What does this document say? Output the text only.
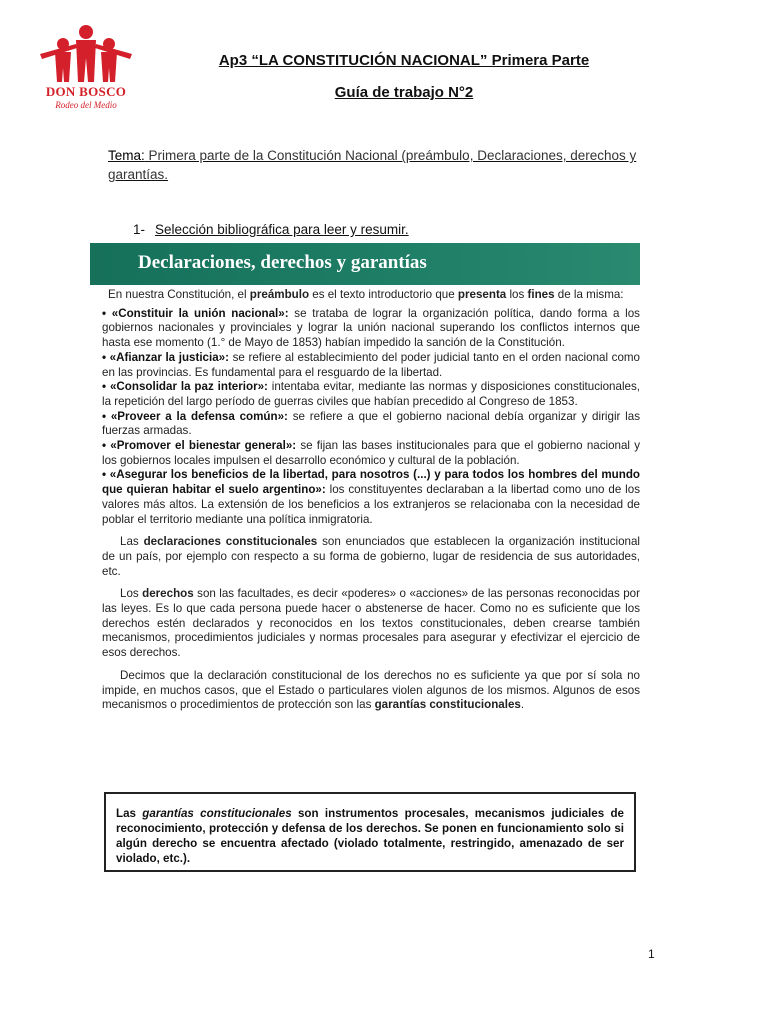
DON BOSCO
Rodeo del Medio
Ap3 “LA CONSTITUCIÓN NACIONAL” Primera Parte
Guía de trabajo N°2
Tema: Primera parte de la Constitución Nacional (preámbulo, Declaraciones, derechos y garantías.
1- Selección bibliográfica para leer y resumir.
Declaraciones, derechos y garantías

En nuestra Constitución, el preámbulo es el texto introductorio que presenta los fines de la misma:

• «Constituir la unión nacional»: se trataba de lograr la organización política, dando forma a los gobiernos nacionales y provinciales y lograr la unión nacional superando los conflictos internos que hasta ese momento (1.° de Mayo de 1853) habían impedido la sanción de la Constitución.

• «Afianzar la justicia»: se refiere al establecimiento del poder judicial tanto en el orden nacional como en las provincias. Es fundamental para el resguardo de la libertad.

• «Consolidar la paz interior»: intentaba evitar, mediante las normas y disposiciones constitucionales, la repetición del largo período de guerras civiles que habían precedido al Congreso de 1853.

• «Proveer a la defensa común»: se refiere a que el gobierno nacional debía organizar y dirigir las fuerzas armadas.

• «Promover el bienestar general»: se fijan las bases institucionales para que el gobierno nacional y los gobiernos locales impulsen el desarrollo económico y cultural de la población.

• «Asegurar los beneficios de la libertad, para nosotros (...) y para todos los hombres del mundo que quieran habitar el suelo argentino»: los constituyentes declaraban a la libertad como uno de los valores más altos. La extensión de los beneficios a los extranjeros se relacionaba con la necesidad de poblar el territorio mediante una política inmigratoria.

Las declaraciones constitucionales son enunciados que establecen la organización institucional de un país, por ejemplo con respecto a su forma de gobierno, lugar de residencia de sus autoridades, etc.

Los derechos son las facultades, es decir «poderes» o «acciones» de las personas reconocidas por las leyes. Es lo que cada persona puede hacer o abstenerse de hacer. Como no es suficiente que los derechos estén declarados y reconocidos en los textos constitucionales, deben crearse también mecanismos, procedimientos judiciales y normas procesales para asegurar y efectivizar el ejercicio de esos derechos.

Decimos que la declaración constitucional de los derechos no es suficiente ya que por sí sola no impide, en muchos casos, que el Estado o particulares violen algunos de los mismos. Algunos de esos mecanismos o procedimientos de protección son las garantías constitucionales.

Las garantías constitucionales son instrumentos procesales, mecanismos judiciales de reconocimiento, protección y defensa de los derechos. Se ponen en funcionamiento solo si algún derecho se encuentra afectado (violado totalmente, restringido, amenazado de ser violado, etc.).
1
